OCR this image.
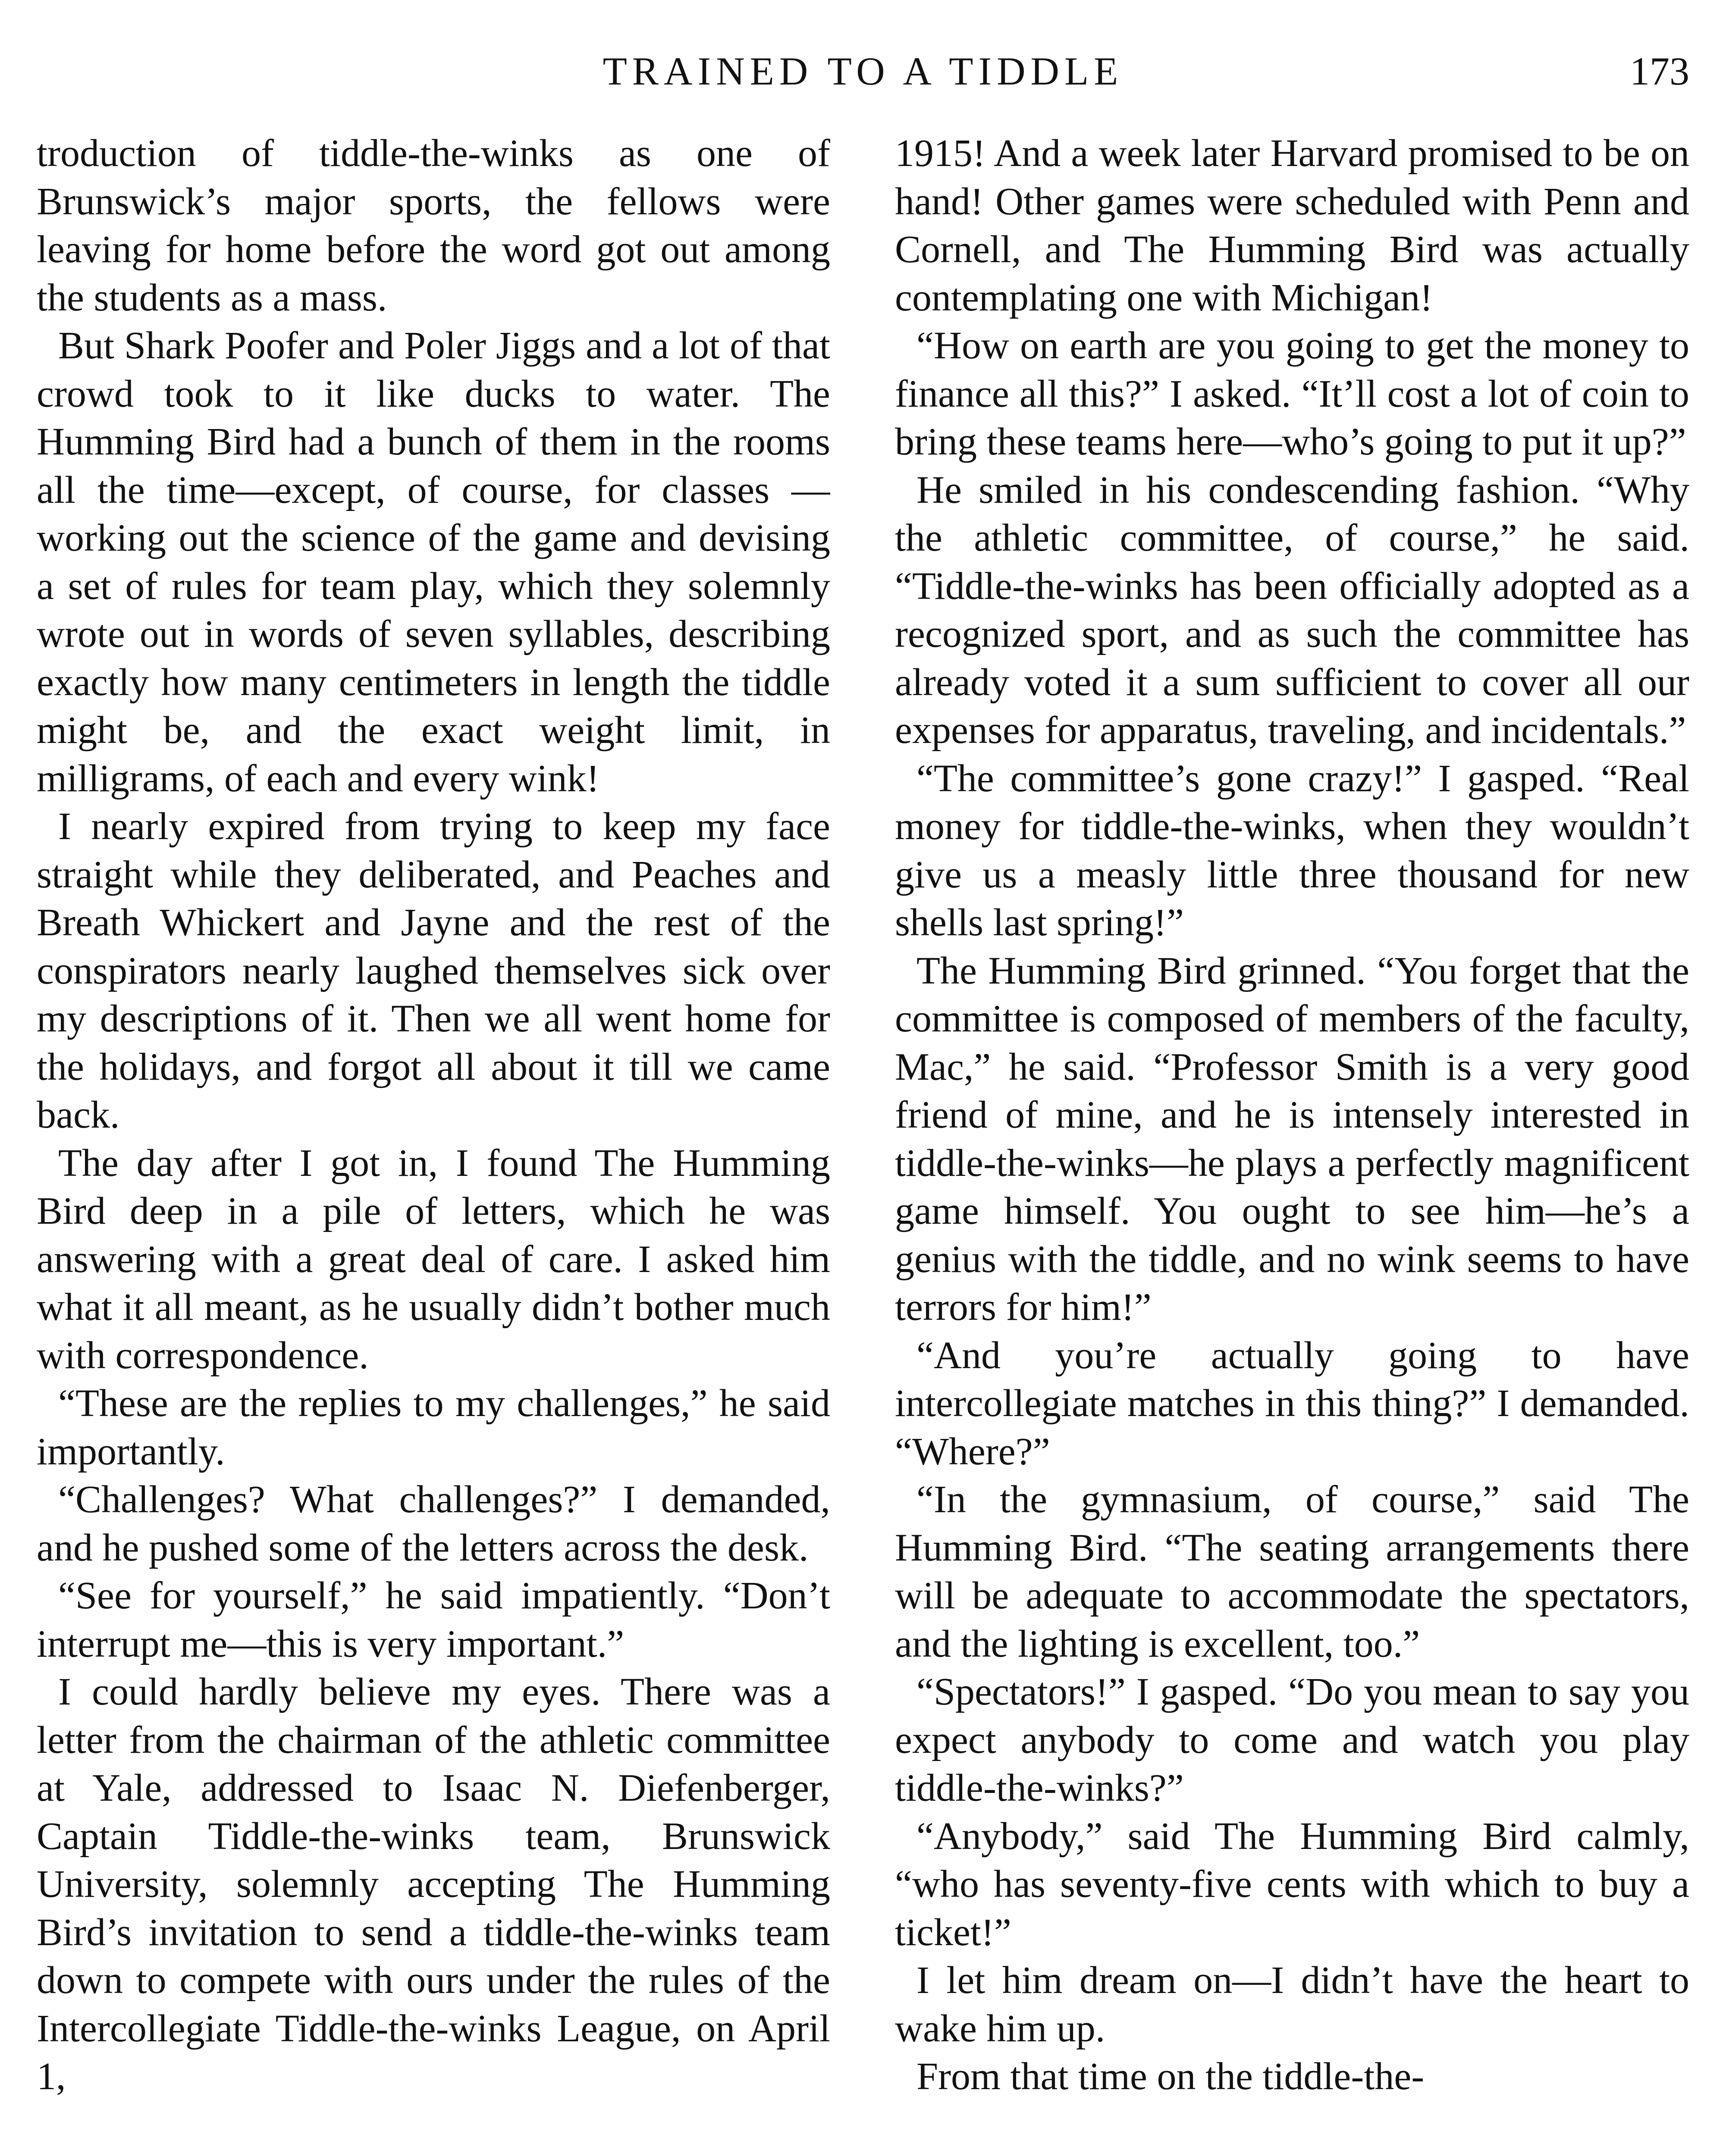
TRAINED TO A TIDDLE	173

troduction of tiddle-the-winks as one of Brunswick’s major sports, the fellows were leaving for home before the word got out among the students as a mass.

But Shark Poofer and Poler Jiggs and a lot of that crowd took to it like ducks to water. The Humming Bird had a bunch of them in the rooms all the time—except, of course, for classes —working out the science of the game and devising a set of rules for team play, which they solemnly wrote out in words of seven syllables, describing exactly how many centimeters in length the tiddle might be, and the exact weight limit, in milligrams, of each and every wink!

I nearly expired from trying to keep my face straight while they deliberated, and Peaches and Breath Whickert and Jayne and the rest of the conspirators nearly laughed themselves sick over my descriptions of it. Then we all went home for the holidays, and forgot all about it till we came back.

The day after I got in, I found The Humming Bird deep in a pile of letters, which he was answering with a great deal of care. I asked him what it all meant, as he usually didn’t bother much with correspondence.

“These are the replies to my challenges,” he said importantly.

“Challenges? What challenges?” I demanded, and he pushed some of the letters across the desk.

“See for yourself,” he said impatiently. “Don’t interrupt me—this is very important.”

I could hardly believe my eyes. There was a letter from the chairman of the athletic committee at Yale, addressed to Isaac N. Diefenberger, Captain Tiddle-the-winks team, Brunswick University, solemnly accepting The Humming Bird’s invitation to send a tiddle-the-winks team down to compete with ours under the rules of the Intercollegiate Tiddle-the-winks League, on April 1,

1915! And a week later Harvard promised to be on hand! Other games were scheduled with Penn and Cornell, and The Humming Bird was actually contemplating one with Michigan!

“How on earth are you going to get the money to finance all this?” I asked. “It’ll cost a lot of coin to bring these teams here—who’s going to put it up?”

He smiled in his condescending fashion. “Why the athletic committee, of course,” he said. “Tiddle-the-winks has been officially adopted as a recognized sport, and as such the committee has already voted it a sum sufficient to cover all our expenses for apparatus, traveling, and incidentals.”

“The committee’s gone crazy!” I gasped. “Real money for tiddle-the-winks, when they wouldn’t give us a measly little three thousand for new shells last spring!”

The Humming Bird grinned. “You forget that the committee is composed of members of the faculty, Mac,” he said. “Professor Smith is a very good friend of mine, and he is intensely interested in tiddle-the-winks—he plays a perfectly magnificent game himself. You ought to see him—he’s a genius with the tiddle, and no wink seems to have terrors for him!”

“And you’re actually going to have intercollegiate matches in this thing?” I demanded. “Where?”

“In the gymnasium, of course,” said The Humming Bird. “The seating arrangements there will be adequate to accommodate the spectators, and the lighting is excellent, too.”

“Spectators!” I gasped. “Do you mean to say you expect anybody to come and watch you play tiddle-the-winks?”

“Anybody,” said The Humming Bird calmly, “who has seventy-five cents with which to buy a ticket!”

I let him dream on—I didn’t have the heart to wake him up.

From that time on the tiddle-the-
